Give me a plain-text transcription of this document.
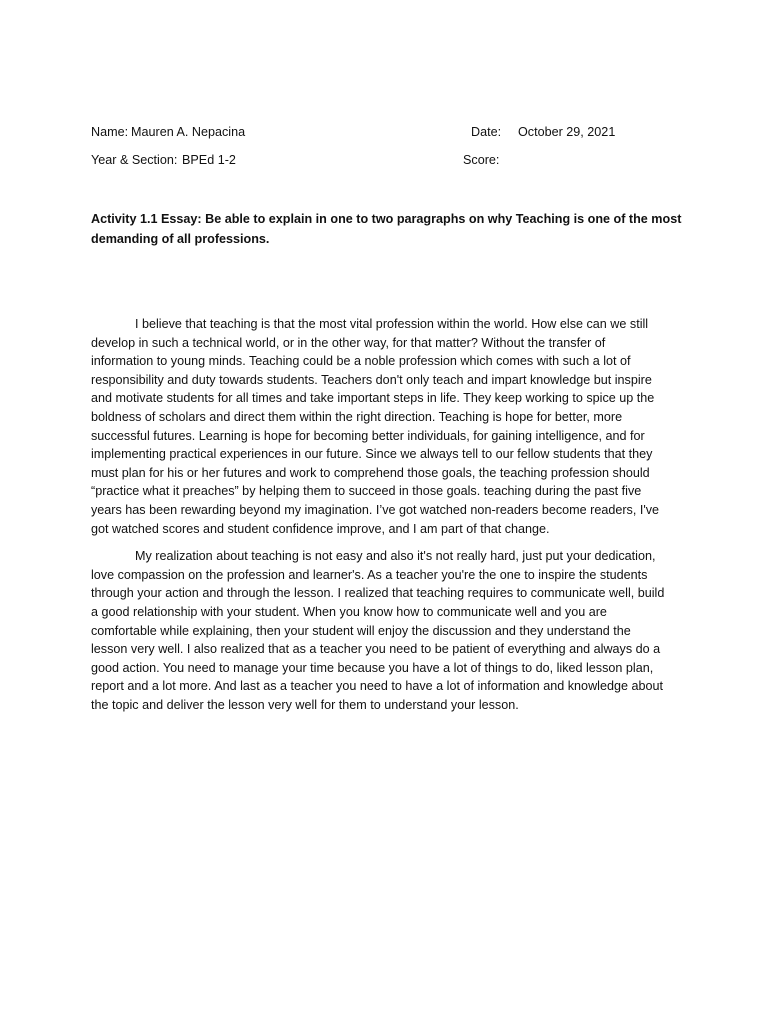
Name: Mauren A. Nepacina	Date: October 29, 2021
Year & Section: BPEd 1-2	Score:
Activity 1.1 Essay: Be able to explain in one to two paragraphs on why Teaching is one of the most
demanding of all professions.

I believe that teaching is that the most vital profession within the world. How else can we still
develop in such a technical world, or in the other way, for that matter? Without the transfer of
information to young minds. Teaching could be a noble profession which comes with such a lot of
responsibility and duty towards students. Teachers don't only teach and impart knowledge but inspire
and motivate students for all times and take important steps in life. They keep working to spice up the
boldness of scholars and direct them within the right direction. Teaching is hope for better, more
successful futures. Learning is hope for becoming better individuals, for gaining intelligence, and for
implementing practical experiences in our future. Since we always tell to our fellow students that they
must plan for his or her futures and work to comprehend those goals, the teaching profession should
“practice what it preaches” by helping them to succeed in those goals. teaching during the past five
years has been rewarding beyond my imagination. I’ve got watched non-readers become readers, I've
got watched scores and student confidence improve, and I am part of that change.

My realization about teaching is not easy and also it's not really hard, just put your dedication,
love compassion on the profession and learner's. As a teacher you're the one to inspire the students
through your action and through the lesson. I realized that teaching requires to communicate well, build
a good relationship with your student. When you know how to communicate well and you are
comfortable while explaining, then your student will enjoy the discussion and they understand the
lesson very well. I also realized that as a teacher you need to be patient of everything and always do a
good action. You need to manage your time because you have a lot of things to do, liked lesson plan,
report and a lot more. And last as a teacher you need to have a lot of information and knowledge about
the topic and deliver the lesson very well for them to understand your lesson.
